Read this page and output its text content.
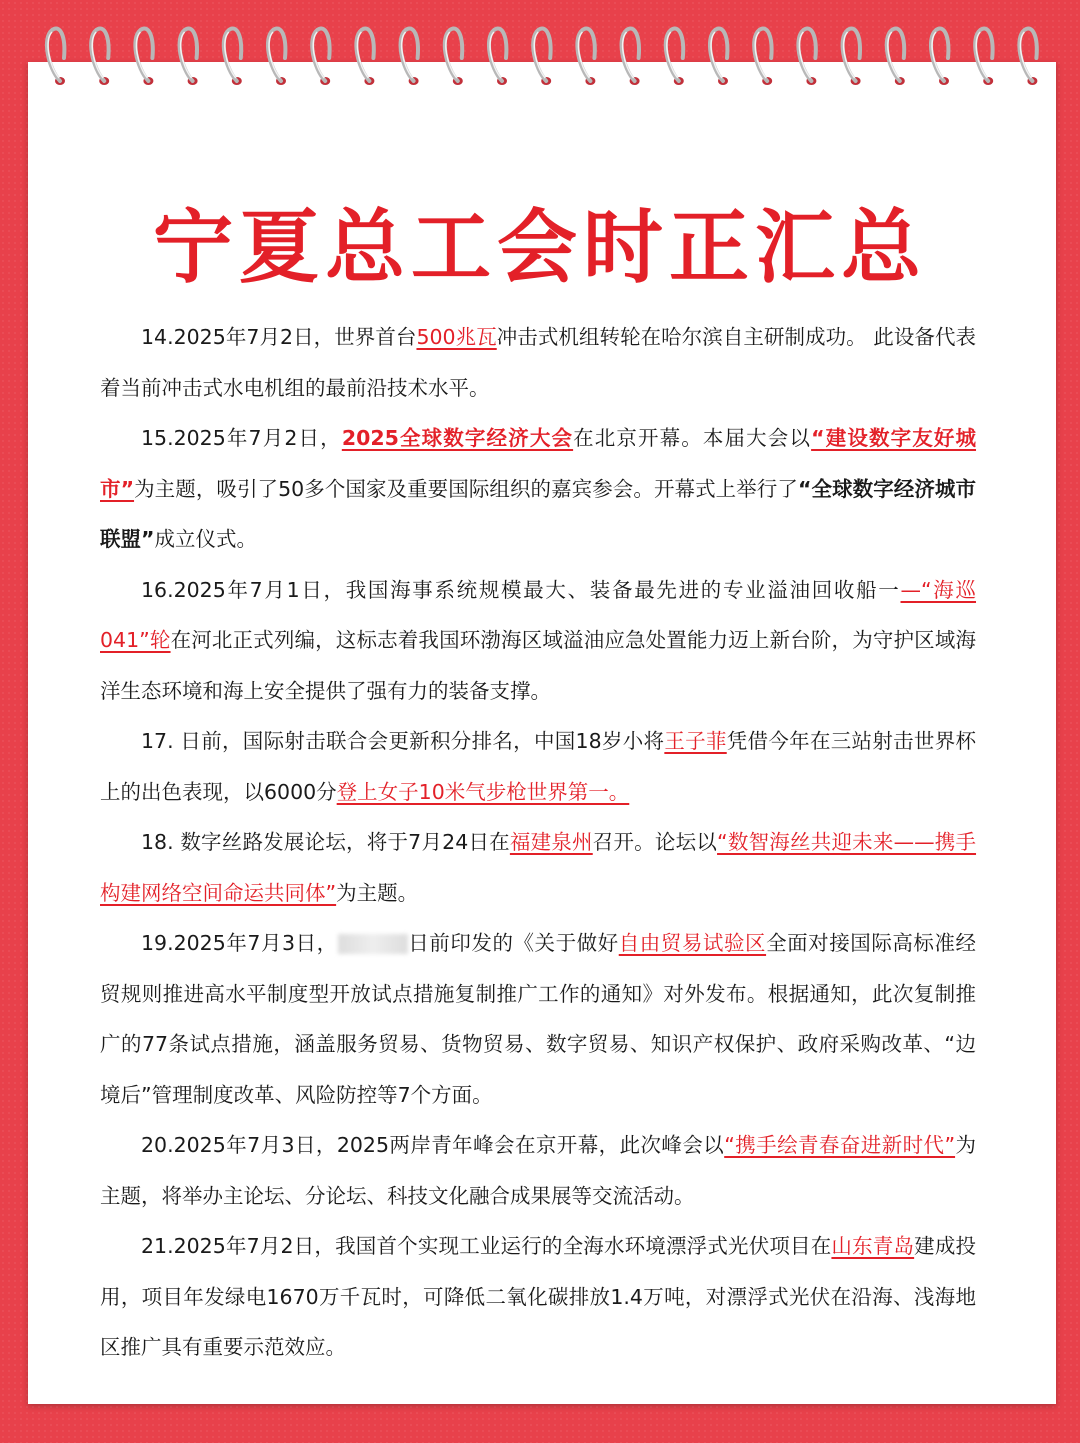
宁夏总工会时正汇总

14.2025年7月2日，世界首台500兆瓦冲击式机组转轮在哈尔滨自主研制成功。 此设备代表着当前冲击式水电机组的最前沿技术水平。

15.2025年7月2日，2025全球数字经济大会在北京开幕。本届大会以“建设数字友好城市”为主题，吸引了50多个国家及重要国际组织的嘉宾参会。开幕式上举行了“全球数字经济城市联盟”成立仪式。

16.2025年7月1日，我国海事系统规模最大、装备最先进的专业溢油回收船一—“海巡041”轮在河北正式列编，这标志着我国环渤海区域溢油应急处置能力迈上新台阶，为守护区域海洋生态环境和海上安全提供了强有力的装备支撑。

17. 日前，国际射击联合会更新积分排名，中国18岁小将王子菲凭借今年在三站射击世界杯上的出色表现，以6000分登上女子10米气步枪世界第一。

18. 数字丝路发展论坛，将于7月24日在福建泉州召开。论坛以“数智海丝共迎未来——携手构建网络空间命运共同体”为主题。

19.2025年7月3日，	日前印发的《关于做好自由贸易试验区全面对接国际高标准经贸规则推进高水平制度型开放试点措施复制推广工作的通知》对外发布。根据通知，此次复制推广的77条试点措施，涵盖服务贸易、货物贸易、数字贸易、知识产权保护、政府采购改革、“边境后”管理制度改革、风险防控等7个方面。

20.2025年7月3日，2025两岸青年峰会在京开幕，此次峰会以“携手绘青春奋进新时代”为主题，将举办主论坛、分论坛、科技文化融合成果展等交流活动。

21.2025年7月2日，我国首个实现工业运行的全海水环境漂浮式光伏项目在山东青岛建成投用，项目年发绿电1670万千瓦时，可降低二氧化碳排放1.4万吨，对漂浮式光伏在沿海、浅海地区推广具有重要示范效应。
